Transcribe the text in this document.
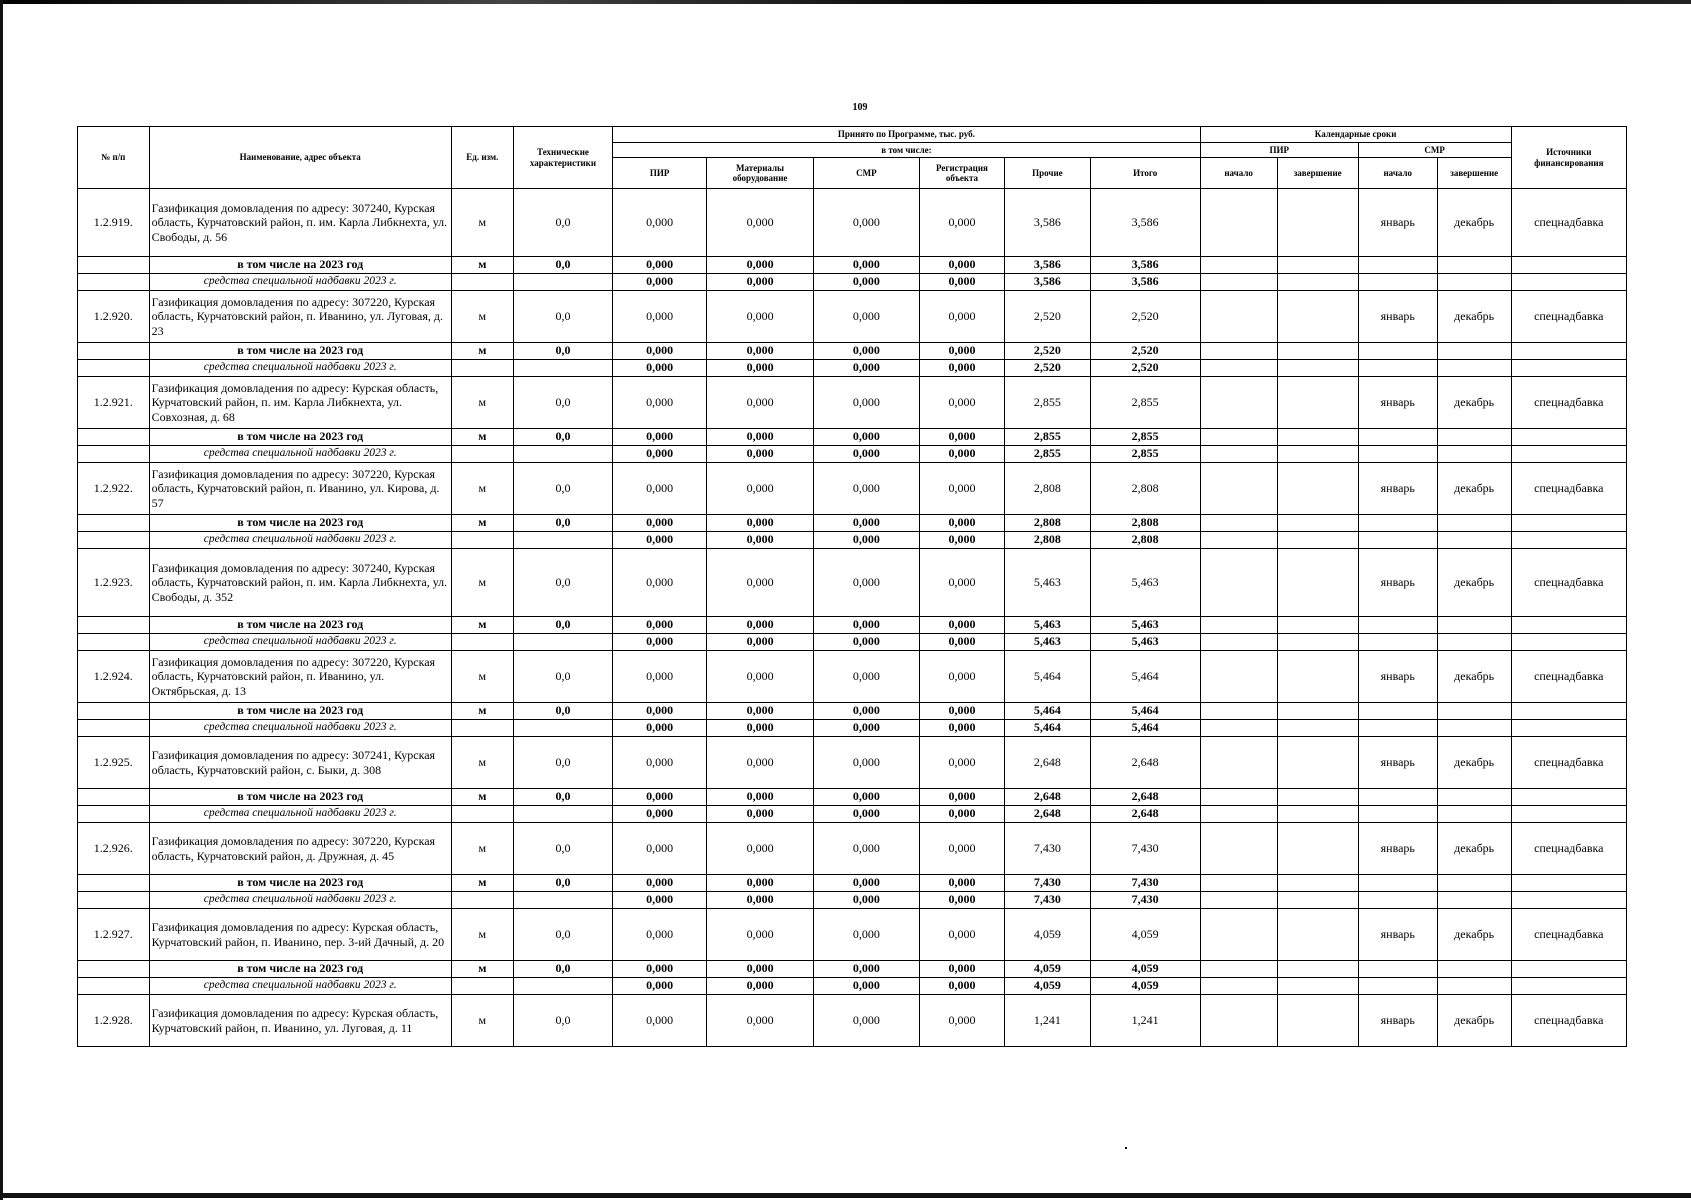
109
№ п/п	Наименование, адрес объекта	Ед. изм.	Технические характеристики	Принято по Программе, тыс. руб.						Календарные сроки				Источники финансирования
				в том числе:						ПИР		СМР		
				ПИР	Материалы оборудование	СМР	Регистрация объекта	Прочие	Итого	начало	завершение	начало	завершение	
1.2.919.	Газификация домовладения по адресу: 307240, Курская область, Курчатовский район, п. им. Карла Либкнехта, ул. Свободы, д. 56	м	0,0	0,000	0,000	0,000	0,000	3,586	3,586			январь	декабрь	спецнадбавка
	в том числе на 2023 год	м	0,0	0,000	0,000	0,000	0,000	3,586	3,586					
	средства специальной надбавки 2023 г.			0,000	0,000	0,000	0,000	3,586	3,586					
1.2.920.	Газификация домовладения по адресу: 307220, Курская область, Курчатовский район, п. Иванино, ул. Луговая, д. 23	м	0,0	0,000	0,000	0,000	0,000	2,520	2,520			январь	декабрь	спецнадбавка
	в том числе на 2023 год	м	0,0	0,000	0,000	0,000	0,000	2,520	2,520					
	средства специальной надбавки 2023 г.			0,000	0,000	0,000	0,000	2,520	2,520					
1.2.921.	Газификация домовладения по адресу: Курская область, Курчатовский район, п. им. Карла Либкнехта, ул. Совхозная, д. 68	м	0,0	0,000	0,000	0,000	0,000	2,855	2,855			январь	декабрь	спецнадбавка
	в том числе на 2023 год	м	0,0	0,000	0,000	0,000	0,000	2,855	2,855					
	средства специальной надбавки 2023 г.			0,000	0,000	0,000	0,000	2,855	2,855					
1.2.922.	Газификация домовладения по адресу: 307220, Курская область, Курчатовский район, п. Иванино, ул. Кирова, д. 57	м	0,0	0,000	0,000	0,000	0,000	2,808	2,808			январь	декабрь	спецнадбавка
	в том числе на 2023 год	м	0,0	0,000	0,000	0,000	0,000	2,808	2,808					
	средства специальной надбавки 2023 г.			0,000	0,000	0,000	0,000	2,808	2,808					
1.2.923.	Газификация домовладения по адресу: 307240, Курская область, Курчатовский район, п. им. Карла Либкнехта, ул. Свободы, д. 352	м	0,0	0,000	0,000	0,000	0,000	5,463	5,463			январь	декабрь	спецнадбавка
	в том числе на 2023 год	м	0,0	0,000	0,000	0,000	0,000	5,463	5,463					
	средства специальной надбавки 2023 г.			0,000	0,000	0,000	0,000	5,463	5,463					
1.2.924.	Газификация домовладения по адресу: 307220, Курская область, Курчатовский район, п. Иванино, ул. Октябрьская, д. 13	м	0,0	0,000	0,000	0,000	0,000	5,464	5,464			январь	декабрь	спецнадбавка
	в том числе на 2023 год	м	0,0	0,000	0,000	0,000	0,000	5,464	5,464					
	средства специальной надбавки 2023 г.			0,000	0,000	0,000	0,000	5,464	5,464					
1.2.925.	Газификация домовладения по адресу: 307241, Курская область, Курчатовский район, с. Быки, д. 308	м	0,0	0,000	0,000	0,000	0,000	2,648	2,648			январь	декабрь	спецнадбавка
	в том числе на 2023 год	м	0,0	0,000	0,000	0,000	0,000	2,648	2,648					
	средства специальной надбавки 2023 г.			0,000	0,000	0,000	0,000	2,648	2,648					
1.2.926.	Газификация домовладения по адресу: 307220, Курская область, Курчатовский район, д. Дружная, д. 45	м	0,0	0,000	0,000	0,000	0,000	7,430	7,430			январь	декабрь	спецнадбавка
	в том числе на 2023 год	м	0,0	0,000	0,000	0,000	0,000	7,430	7,430					
	средства специальной надбавки 2023 г.			0,000	0,000	0,000	0,000	7,430	7,430					
1.2.927.	Газификация домовладения по адресу: Курская область, Курчатовский район, п. Иванино, пер. 3-ий Дачный, д. 20	м	0,0	0,000	0,000	0,000	0,000	4,059	4,059			январь	декабрь	спецнадбавка
	в том числе на 2023 год	м	0,0	0,000	0,000	0,000	0,000	4,059	4,059					
	средства специальной надбавки 2023 г.			0,000	0,000	0,000	0,000	4,059	4,059					
1.2.928.	Газификация домовладения по адресу: Курская область, Курчатовский район, п. Иванино, ул. Луговая, д. 11	м	0,0	0,000	0,000	0,000	0,000	1,241	1,241			январь	декабрь	спецнадбавка
